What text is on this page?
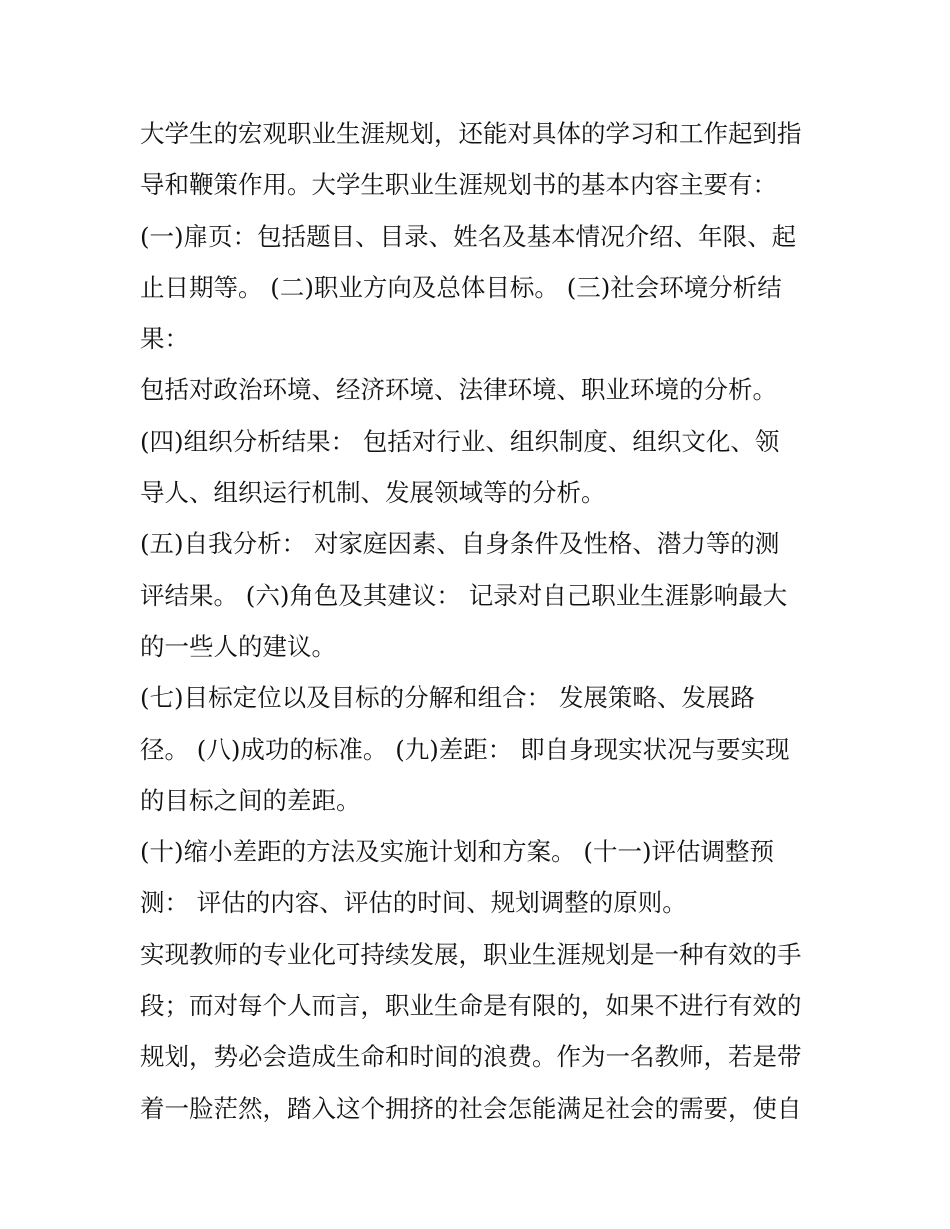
大学生的宏观职业生涯规划，还能对具体的学习和工作起到指
导和鞭策作用。大学生职业生涯规划书的基本内容主要有：
(一)扉页：包括题目、目录、姓名及基本情况介绍、年限、起
止日期等。 (二)职业方向及总体目标。 (三)社会环境分析结
果：
包括对政治环境、经济环境、法律环境、职业环境的分析。
(四)组织分析结果： 包括对行业、组织制度、组织文化、领
导人、组织运行机制、发展领域等的分析。
(五)自我分析： 对家庭因素、自身条件及性格、潜力等的测
评结果。 (六)角色及其建议： 记录对自己职业生涯影响最大
的一些人的建议。
(七)目标定位以及目标的分解和组合： 发展策略、发展路
径。 (八)成功的标准。 (九)差距： 即自身现实状况与要实现
的目标之间的差距。
(十)缩小差距的方法及实施计划和方案。 (十一)评估调整预
测： 评估的内容、评估的时间、规划调整的原则。
实现教师的专业化可持续发展，职业生涯规划是一种有效的手
段；而对每个人而言，职业生命是有限的，如果不进行有效的
规划，势必会造成生命和时间的浪费。作为一名教师，若是带
着一脸茫然，踏入这个拥挤的社会怎能满足社会的需要，使自
